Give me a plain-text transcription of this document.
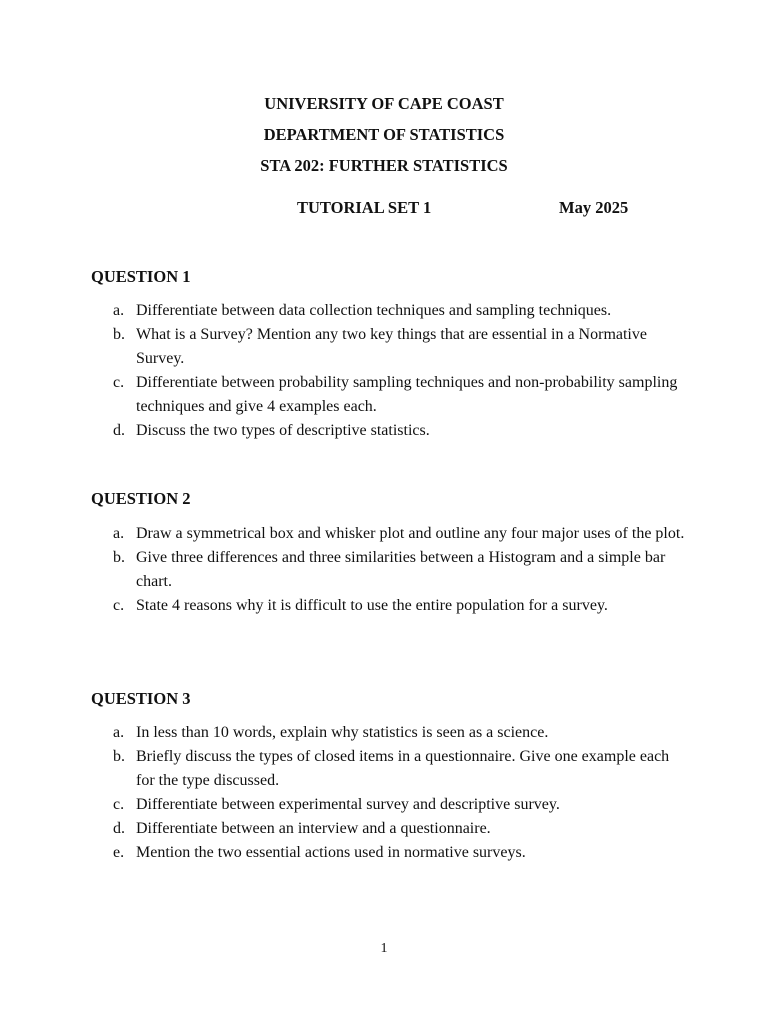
UNIVERSITY OF CAPE COAST
DEPARTMENT OF STATISTICS
STA 202: FURTHER STATISTICS
TUTORIAL SET 1	May 2025
QUESTION 1
a. Differentiate between data collection techniques and sampling techniques.
b. What is a Survey? Mention any two key things that are essential in a Normative Survey.
c. Differentiate between probability sampling techniques and non-probability sampling techniques and give 4 examples each.
d. Discuss the two types of descriptive statistics.
QUESTION 2
a. Draw a symmetrical box and whisker plot and outline any four major uses of the plot.
b. Give three differences and three similarities between a Histogram and a simple bar chart.
c. State 4 reasons why it is difficult to use the entire population for a survey.
QUESTION 3
a. In less than 10 words, explain why statistics is seen as a science.
b. Briefly discuss the types of closed items in a questionnaire. Give one example each for the type discussed.
c. Differentiate between experimental survey and descriptive survey.
d. Differentiate between an interview and a questionnaire.
e. Mention the two essential actions used in normative surveys.
1
